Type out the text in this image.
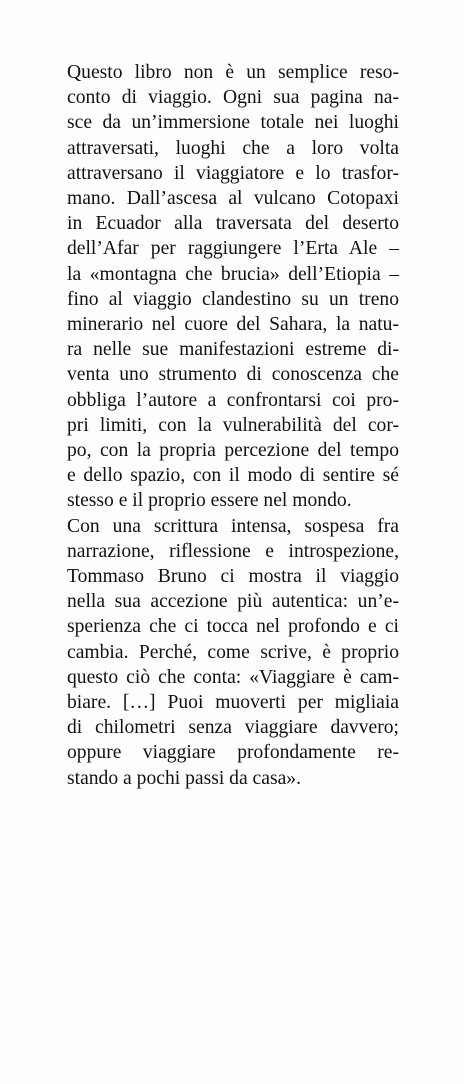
Questo libro non è un semplice reso-
conto di viaggio. Ogni sua pagina na-
sce da un’immersione totale nei luoghi
attraversati, luoghi che a loro volta
attraversano il viaggiatore e lo trasfor-
mano. Dall’ascesa al vulcano Cotopaxi
in Ecuador alla traversata del deserto
dell’Afar per raggiungere l’Erta Ale –
la «montagna che brucia» dell’Etiopia –
fino al viaggio clandestino su un treno
minerario nel cuore del Sahara, la natu-
ra nelle sue manifestazioni estreme di-
venta uno strumento di conoscenza che
obbliga l’autore a confrontarsi coi pro-
pri limiti, con la vulnerabilità del cor-
po, con la propria percezione del tempo
e dello spazio, con il modo di sentire sé
stesso e il proprio essere nel mondo.
Con una scrittura intensa, sospesa fra
narrazione, riflessione e introspezione,
Tommaso Bruno ci mostra il viaggio
nella sua accezione più autentica: un’e-
sperienza che ci tocca nel profondo e ci
cambia. Perché, come scrive, è proprio
questo ciò che conta: «Viaggiare è cam-
biare. […] Puoi muoverti per migliaia
di chilometri senza viaggiare davvero;
oppure viaggiare profondamente re-
stando a pochi passi da casa».
